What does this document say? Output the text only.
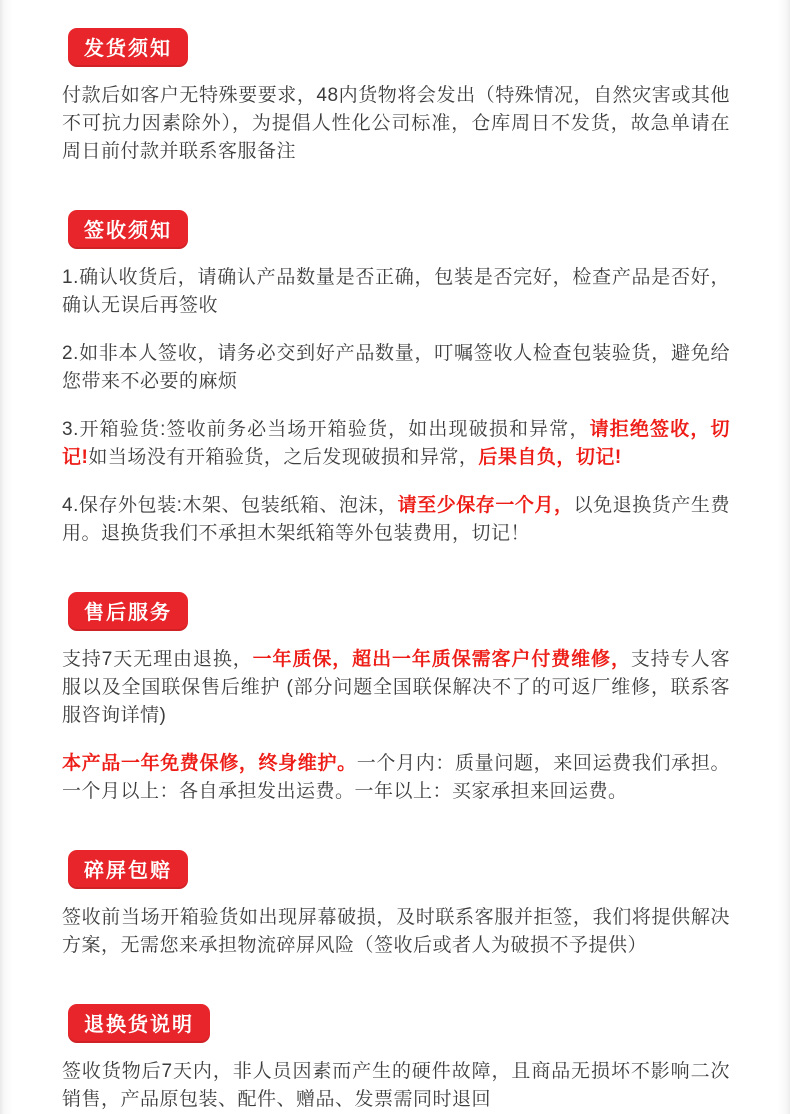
发货须知

付款后如客户无特殊要要求，48内货物将会发出（特殊情况，自然灾害或其他不可抗力因素除外），为提倡人性化公司标准，仓库周日不发货，故急单请在周日前付款并联系客服备注

签收须知

1.确认收货后，请确认产品数量是否正确，包装是否完好，检查产品是否好，确认无误后再签收

2.如非本人签收，请务必交到好产品数量，叮嘱签收人检查包装验货，避免给您带来不必要的麻烦

3.开箱验货:签收前务必当场开箱验货，如出现破损和异常，请拒绝签收，切记!如当场没有开箱验货，之后发现破损和异常，后果自负，切记!

4.保存外包装:木架、包装纸箱、泡沫，请至少保存一个月，以免退换货产生费用。退换货我们不承担木架纸箱等外包装费用，切记！

售后服务

支持7天无理由退换，一年质保，超出一年质保需客户付费维修，支持专人客服以及全国联保售后维护 (部分问题全国联保解决不了的可返厂维修，联系客服咨询详情)

本产品一年免费保修，终身维护。一个月内：质量问题，来回运费我们承担。一个月以上：各自承担发出运费。一年以上：买家承担来回运费。

碎屏包赔

签收前当场开箱验货如出现屏幕破损，及时联系客服并拒签，我们将提供解决方案，无需您来承担物流碎屏风险（签收后或者人为破损不予提供）

退换货说明

签收货物后7天内，非人员因素而产生的硬件故障，且商品无损坏不影响二次销售，产品原包装、配件、赠品、发票需同时退回
